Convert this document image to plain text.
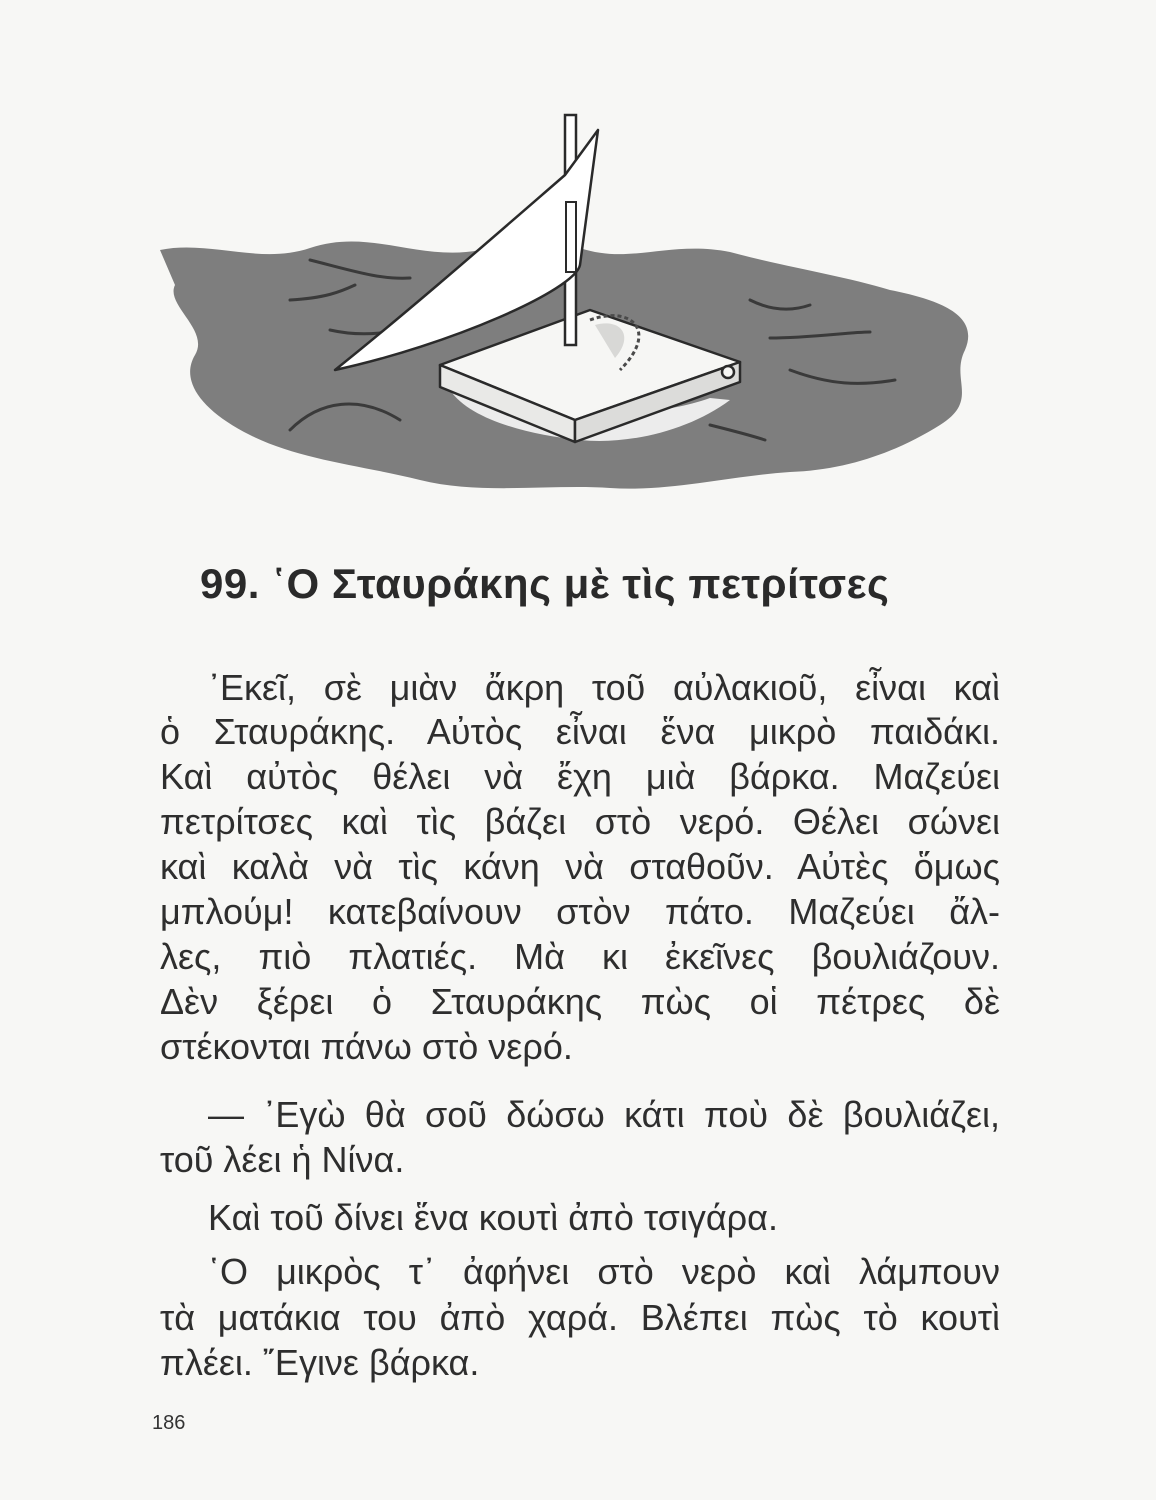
99. ῾Ο Σταυράκης μὲ τὶς πετρίτσες
᾿Εκεῖ, σὲ μιὰν ἄκρη τοῦ αὐλακιοῦ, εἶναι καὶ
ὁ Σταυράκης. Αὐτὸς εἶναι ἕνα μικρὸ παιδάκι.
Καὶ αὐτὸς θέλει νὰ ἔχη μιὰ βάρκα. Μαζεύει
πετρίτσες καὶ τὶς βάζει στὸ νερό. Θέλει σώνει
καὶ καλὰ νὰ τὶς κάνη νὰ σταθοῦν. Αὐτὲς ὅμως
μπλούμ! κατεβαίνουν στὸν πάτο. Μαζεύει ἄλ-
λες, πιὸ πλατιές. Μὰ κι ἐκεῖνες βουλιάζουν.
Δὲν ξέρει ὁ Σταυράκης πὼς οἱ πέτρες δὲ
στέκονται πάνω στὸ νερό.
— ᾿Εγὼ θὰ σοῦ δώσω κάτι ποὺ δὲ βουλιάζει,
τοῦ λέει ἡ Νίνα.
Καὶ τοῦ δίνει ἕνα κουτὶ ἀπὸ τσιγάρα.
῾Ο μικρὸς τ᾿ ἀφήνει στὸ νερὸ καὶ λάμπουν
τὰ ματάκια του ἀπὸ χαρά. Βλέπει πὼς τὸ κουτὶ
πλέει. ῎Εγινε βάρκα.
186
